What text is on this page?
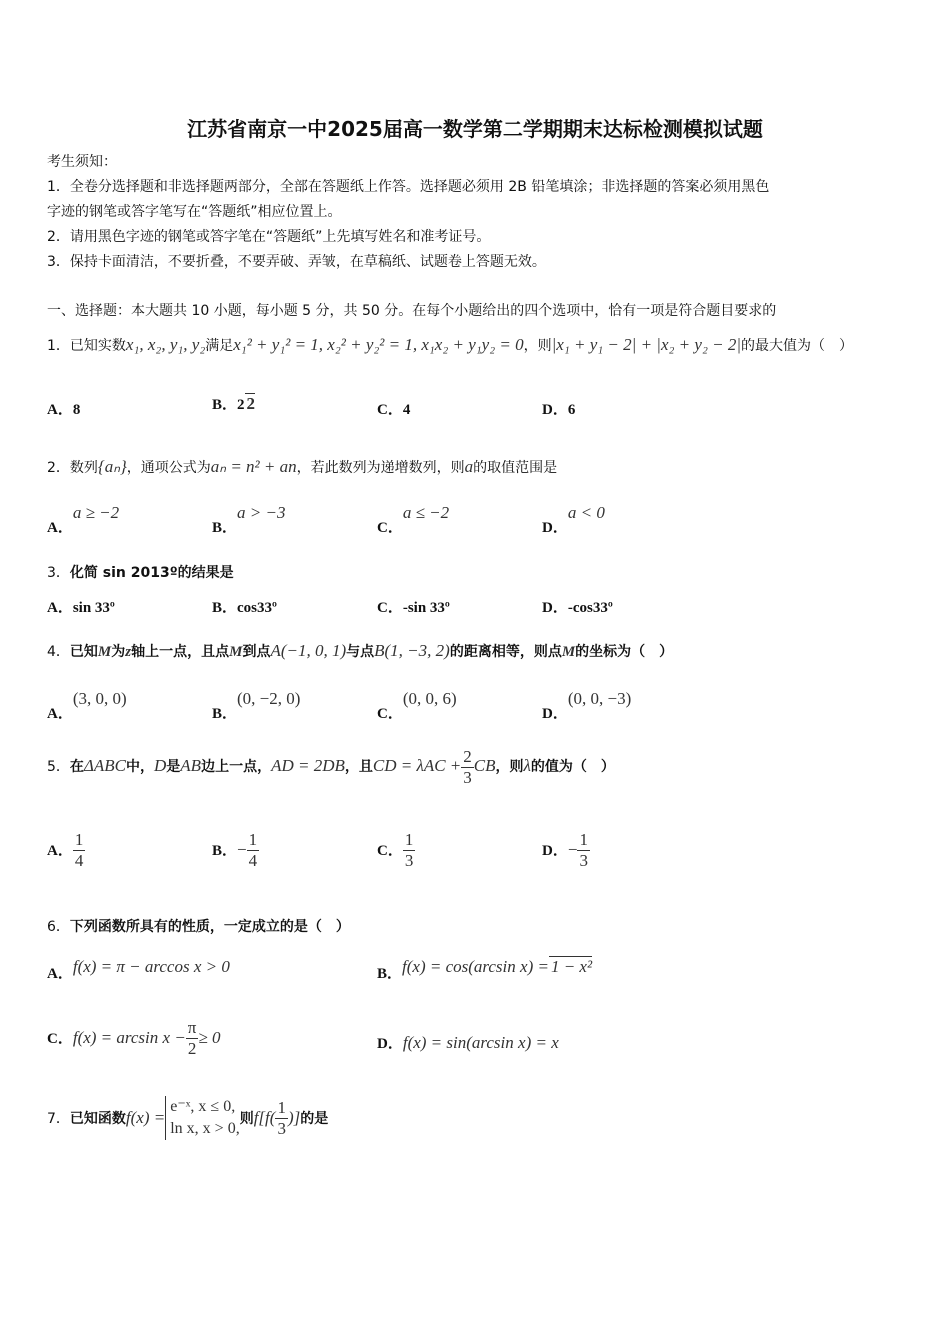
江苏省南京一中2025届高一数学第二学期期末达标检测模拟试题
考生须知：
1．全卷分选择题和非选择题两部分，全部在答题纸上作答。选择题必须用 2B 铅笔填涂；非选择题的答案必须用黑色
字迹的钢笔或答字笔写在“答题纸”相应位置上。
2．请用黑色字迹的钢笔或答字笔在“答题纸”上先填写姓名和准考证号。
3．保持卡面清洁，不要折叠，不要弄破、弄皱，在草稿纸、试题卷上答题无效。
一、选择题：本大题共 10 小题，每小题 5 分，共 50 分。在每个小题给出的四个选项中，恰有一项是符合题目要求的
1．已知实数x₁, x₂, y₁, y₂满足x₁² + y₁² = 1, x₂² + y₂² = 1, x₁x₂ + y₁y₂ = 0，则|x₁ + y₁ − 2| + |x₂ + y₂ − 2|的最大值为（　）
A．8	B．2 2	C．4	D．6
2．数列{aₙ}，通项公式为aₙ = n² + an，若此数列为递增数列，则a的取值范围是
A．a ≥ −2
B．a > −3
C．a ≤ −2
D．a < 0
3．化简 sin 2013º的结果是
A．sin 33º	B．cos33º	C．-sin 33º	D．-cos33º
4．已知M为z轴上一点，且点M到点A(−1, 0, 1)与点B(1, −3, 2)的距离相等，则点M的坐标为（　）
A．(3, 0, 0)
B．(0, −2, 0)
C．(0, 0, 6)
D．(0, 0, −3)
5．在ΔABC中，D是AB边上一点，AD = 2DB，且CD = $\lambda AC + \frac{2}{3}$ CB，则λ的值为（　）
A． $\frac{1}{4}$	B．− $\frac{1}{4}$	C． $\frac{1}{3}$	D．− $\frac{1}{3}$
6．下列函数所具有的性质，一定成立的是（　）
A．f(x) = π − arccos x > 0	B．f(x) = cos(arcsin x) = 1 − x²
C．$f(x) = \arcsin x - \frac{\pi}{2} \ge 0$	D．f(x) = sin(arcsin x) = x
7．已知函数f(x) =
e⁻ˣ, x ≤ 0,
ln x, x > 0,
则$f[f( \frac{1}{3}$ )]的是
